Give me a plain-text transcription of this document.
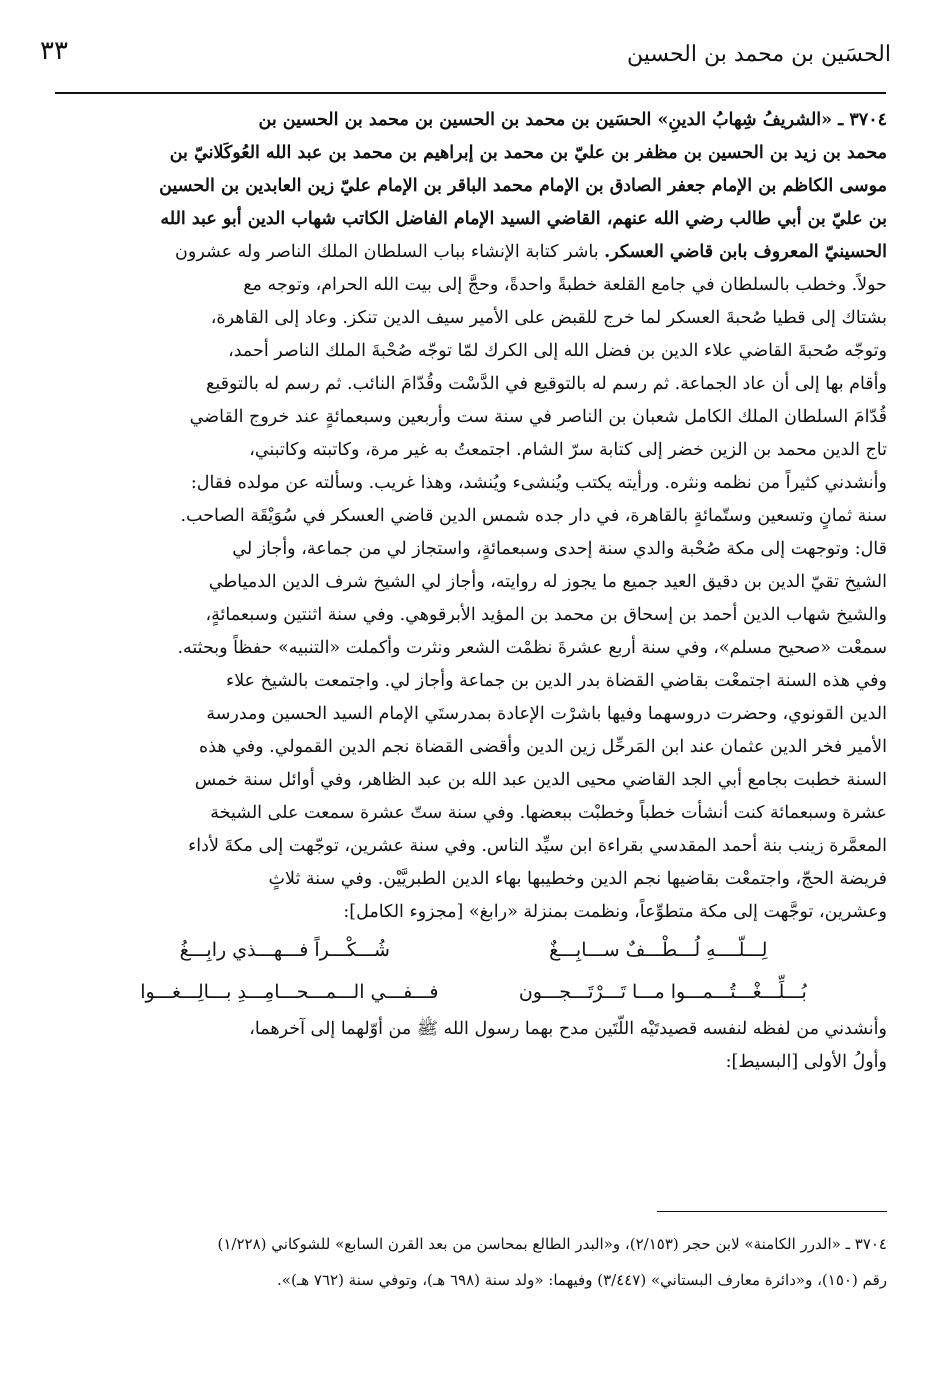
الحسَين بن محمد بن الحسين
٣٣
٣٧٠٤ ـ «الشريفُ شِهابُ الدينِ» الحسَين بن محمد بن الحسين بن محمد بن الحسين بن
محمد بن زيد بن الحسين بن مظفر بن عليّ بن محمد بن إبراهيم بن محمد بن عبد الله العُوكَلانيّ بن
موسى الكاظم بن الإمام جعفر الصادق بن الإمام محمد الباقر بن الإمام عليّ زين العابدين بن الحسين
بن عليّ بن أبي طالب رضي الله عنهم، القاضي السيد الإمام الفاضل الكاتب شهاب الدين أبو عبد الله
الحسينيّ المعروف بابن قاضي العسكر. باشر كتابة الإنشاء بباب السلطان الملك الناصر وله عشرون
حولاً. وخطب بالسلطان في جامع القلعة خطبةً واحدةً، وحجَّ إلى بيت الله الحرام، وتوجه مع
بشتاك إلى قطيا صُحبةَ العسكر لما خرج للقبض على الأمير سيف الدين تنكز. وعاد إلى القاهرة،
وتوجّه صُحبةَ القاضي علاء الدين بن فضل الله إلى الكرك لمّا توجّه صُحْبةَ الملك الناصر أحمد،
وأقام بها إلى أن عاد الجماعة. ثم رسم له بالتوقيع في الدَّسْت وقُدّامَ النائب. ثم رسم له بالتوقيع
قُدّامَ السلطان الملك الكامل شعبان بن الناصر في سنة ست وأربعين وسبعمائةٍ عند خروج القاضي
تاج الدين محمد بن الزين خضر إلى كتابة سرّ الشام. اجتمعتُ به غير مرة، وكاتبته وكاتبني،
وأنشدني كثيراً من نظمه ونثره. ورأيته يكتب ويُنشىء ويُنشد، وهذا غريب. وسألته عن مولده فقال:
سنة ثمانٍ وتسعين وستّمائةٍ بالقاهرة، في دار جده شمس الدين قاضي العسكر في سُوَيْقَة الصاحب.
قال: وتوجهت إلى مكة صُحْبة والدي سنة إحدى وسبعمائةٍ، واستجاز لي من جماعة، وأجاز لي
الشيخ تقيّ الدين بن دقيق العيد جميع ما يجوز له روايته، وأجاز لي الشيخ شرف الدين الدمياطي
والشيخ شهاب الدين أحمد بن إسحاق بن محمد بن المؤيد الأبرقوهي. وفي سنة اثنتين وسبعمائةٍ،
سمعْت «صحيح مسلم»، وفي سنة أربع عشرةَ نظمْت الشعر ونثرت وأكملت «التنبيه» حفظاً وبحثته.
وفي هذه السنة اجتمعْت بقاضي القضاة بدر الدين بن جماعة وأجاز لي. واجتمعت بالشيخ علاء
الدين القونوي، وحضرت دروسهما وفيها باشرْت الإعادة بمدرستَي الإمام السيد الحسين ومدرسة
الأمير فخر الدين عثمان عند ابن المَرحِّل زين الدين وأقضى القضاة نجم الدين القمولي. وفي هذه
السنة خطبت بجامع أبي الجد القاضي محيى الدين عبد الله بن عبد الظاهر، وفي أوائل سنة خمس
عشرة وسبعمائة كنت أنشأت خطباً وخطبْت ببعضها. وفي سنة ستّ عشرة سمعت على الشيخة
المعمَّرة زينب بنة أحمد المقدسي بقراءة ابن سيِّد الناس. وفي سنة عشرين، توجّهت إلى مكةَ لأداء
فريضة الحجّ، واجتمعْت بقاضيها نجم الدين وخطيبها بهاء الدين الطبريَّيْن. وفي سنة ثلاثٍ
وعشرين، توجَّهت إلى مكة متطوِّعاً، ونظمت بمنزلة «رابغ» [مجزوء الكامل]:
لِـــلّــــهِ لُـــطْـــفٌ ســـابِـــغٌ
شُـــكْـــراً فـــهـــذي رابِـــغُ
بُـــلِّـــغْـــتُـــمـــوا مـــا تَـــرْتَـــجـــون
فـــفـــي الـــمـــحـــامِـــدِ بـــالِـــغـــوا
وأنشدني من لفظه لنفسه قصيدتَيْه اللّتَين مدح بهما رسول الله ﷺ من أوّلهما إلى آخرهما،
وأولُ الأولى [البسيط]:
٣٧٠٤ ـ «الدرر الكامنة» لابن حجر (٢/١٥٣)، و«البدر الطالع بمحاسن من بعد القرن السابع» للشوكاني (١/٢٢٨)
رقم (١٥٠)، و«دائرة معارف البستاني» (٣/٤٤٧) وفيهما: «ولد سنة (٦٩٨ هـ)، وتوفي سنة (٧٦٢ هـ)».
